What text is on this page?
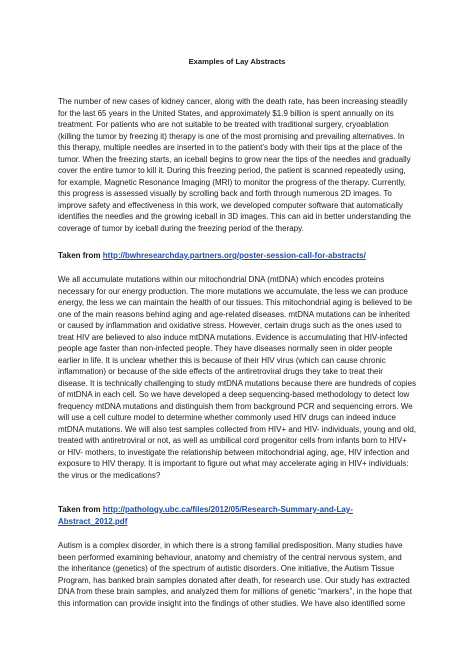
Examples of Lay Abstracts
The number of new cases of kidney cancer, along with the death rate, has been increasing steadily
for the last 65 years in the United States, and approximately $1.9 billion is spent annually on its
treatment. For patients who are not suitable to be treated with traditional surgery, cryoablation
(killing the tumor by freezing it) therapy is one of the most promising and prevailing alternatives. In
this therapy, multiple needles are inserted in to the patient’s body with their tips at the place of the
tumor. When the freezing starts, an iceball begins to grow near the tips of the needles and gradually
cover the entire tumor to kill it. During this freezing period, the patient is scanned repeatedly using,
for example, Magnetic Resonance Imaging (MRI) to monitor the progress of the therapy. Currently,
this progress is assessed visually by scrolling back and forth through numerous 2D images. To
improve safety and effectiveness in this work, we developed computer software that automatically
identifies the needles and the growing iceball in 3D images. This can aid in better understanding the
coverage of tumor by iceball during the freezing period of the therapy.
Taken from http://bwhresearchday.partners.org/poster-session-call-for-abstracts/
We all accumulate mutations within our mitochondrial DNA (mtDNA) which encodes proteins
necessary for our energy production. The more mutations we accumulate, the less we can produce
energy, the less we can maintain the health of our tissues. This mitochondrial aging is believed to be
one of the main reasons behind aging and age-related diseases. mtDNA mutations can be inherited
or caused by inflammation and oxidative stress. However, certain drugs such as the ones used to
treat HIV are believed to also induce mtDNA mutations. Evidence is accumulating that HIV-infected
people age faster than non-infected people. They have diseases normally seen in older people
earlier in life. It is unclear whether this is because of their HIV virus (which can cause chronic
inflammation) or because of the side effects of the antiretroviral drugs they take to treat their
disease. It is technically challenging to study mtDNA mutations because there are hundreds of copies
of mtDNA in each cell. So we have developed a deep sequencing-based methodology to detect low
frequency mtDNA mutations and distinguish them from background PCR and sequencing errors. We
will use a cell culture model to determine whether commonly used HIV drugs can indeed induce
mtDNA mutations. We will also test samples collected from HIV+ and HIV- individuals, young and old,
treated with antiretroviral or not, as well as umbilical cord progenitor cells from infants born to HIV+
or HIV- mothers, to investigate the relationship between mitochondrial aging, age, HIV infection and
exposure to HIV therapy. It is important to figure out what may accelerate aging in HIV+ individuals:
the virus or the medications?
Taken from http://pathology.ubc.ca/files/2012/05/Research-Summary-and-Lay-
Abstract_2012.pdf
Autism is a complex disorder, in which there is a strong familial predisposition. Many studies have
been performed examining behaviour, anatomy and chemistry of the central nervous system, and
the inheritance (genetics) of the spectrum of autistic disorders. One initiative, the Autism Tissue
Program, has banked brain samples donated after death, for research use. Our study has extracted
DNA from these brain samples, and analyzed them for millions of genetic “markers”, in the hope that
this information can provide insight into the findings of other studies. We have also identified some
